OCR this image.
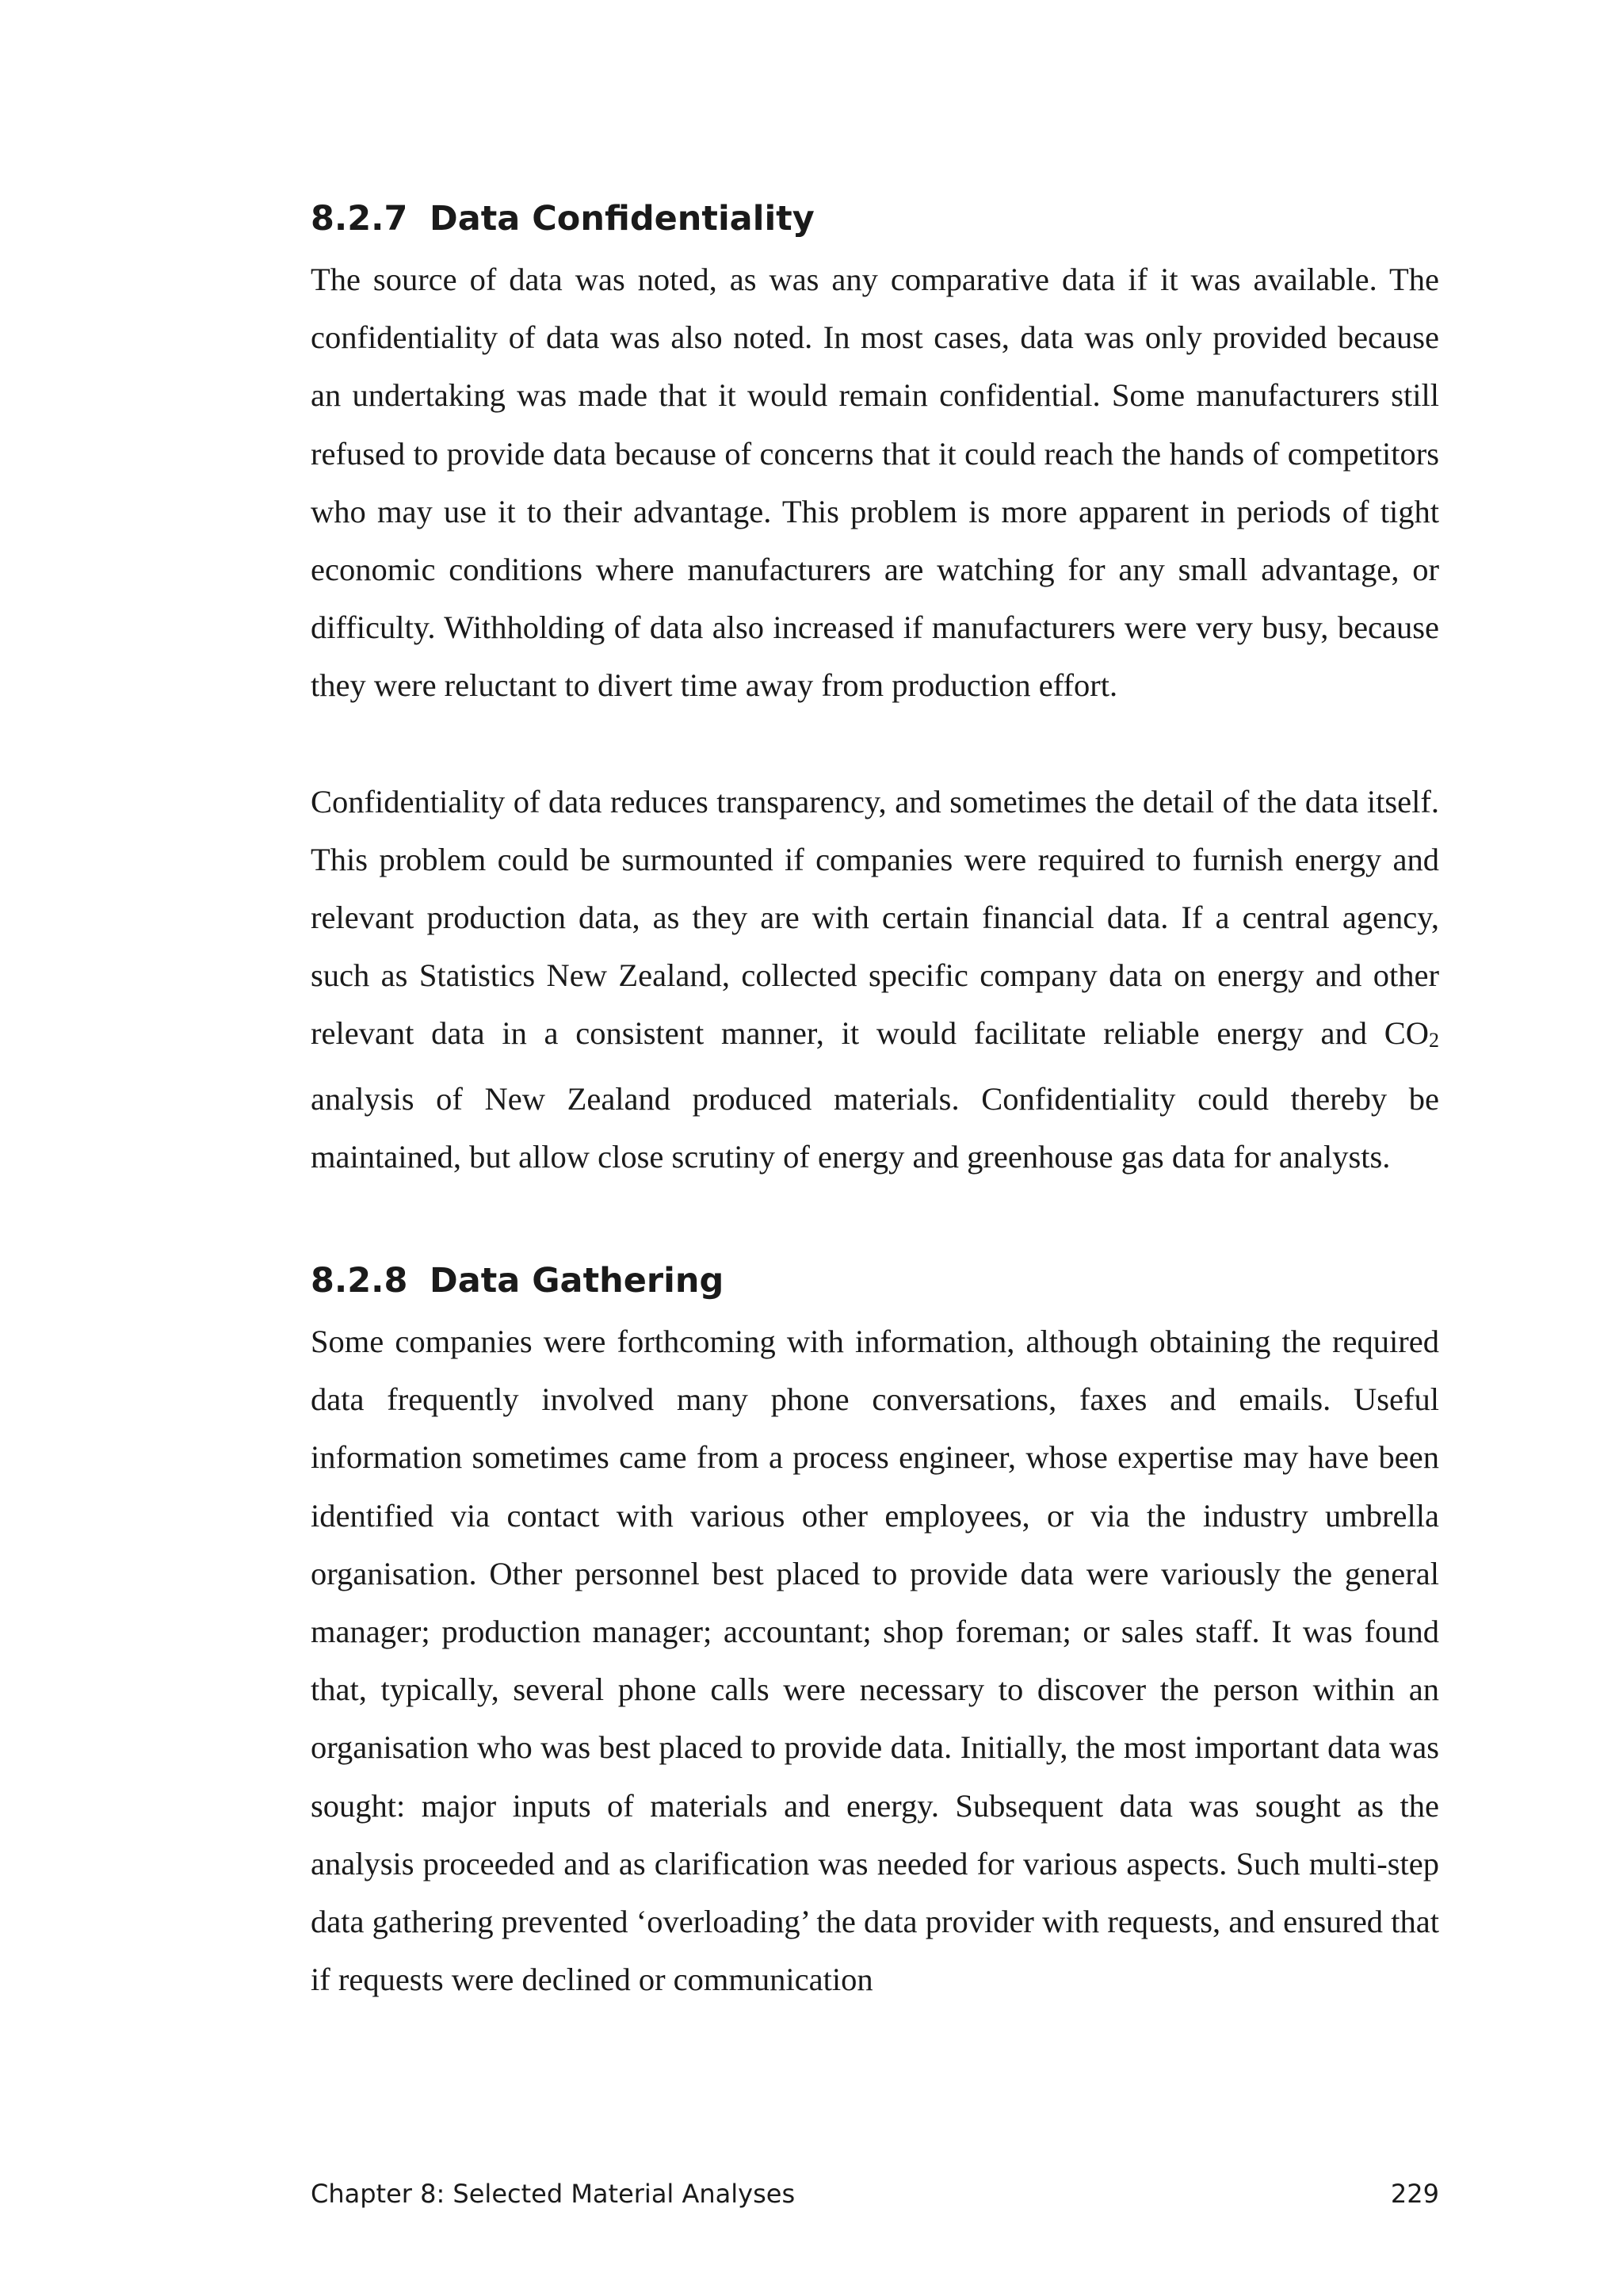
8.2.7 Data Confidentiality

The source of data was noted, as was any comparative data if it was available. The confidentiality of data was also noted. In most cases, data was only provided because an undertaking was made that it would remain confidential. Some manufacturers still refused to provide data because of concerns that it could reach the hands of competitors who may use it to their advantage. This problem is more apparent in periods of tight economic conditions where manufacturers are watching for any small advantage, or difficulty. Withholding of data also increased if manufacturers were very busy, because they were reluctant to divert time away from production effort.

Confidentiality of data reduces transparency, and sometimes the detail of the data itself. This problem could be surmounted if companies were required to furnish energy and relevant production data, as they are with certain financial data. If a central agency, such as Statistics New Zealand, collected specific company data on energy and other relevant data in a consistent manner, it would facilitate reliable energy and CO2 analysis of New Zealand produced materials. Confidentiality could thereby be maintained, but allow close scrutiny of energy and greenhouse gas data for analysts.

8.2.8 Data Gathering

Some companies were forthcoming with information, although obtaining the required data frequently involved many phone conversations, faxes and emails. Useful information sometimes came from a process engineer, whose expertise may have been identified via contact with various other employees, or via the industry umbrella organisation. Other personnel best placed to provide data were variously the general manager; production manager; accountant; shop foreman; or sales staff. It was found that, typically, several phone calls were necessary to discover the person within an organisation who was best placed to provide data. Initially, the most important data was sought: major inputs of materials and energy. Subsequent data was sought as the analysis proceeded and as clarification was needed for various aspects. Such multi-step data gathering prevented ‘overloading’ the data provider with requests, and ensured that if requests were declined or communication

Chapter 8: Selected Material Analyses	229
